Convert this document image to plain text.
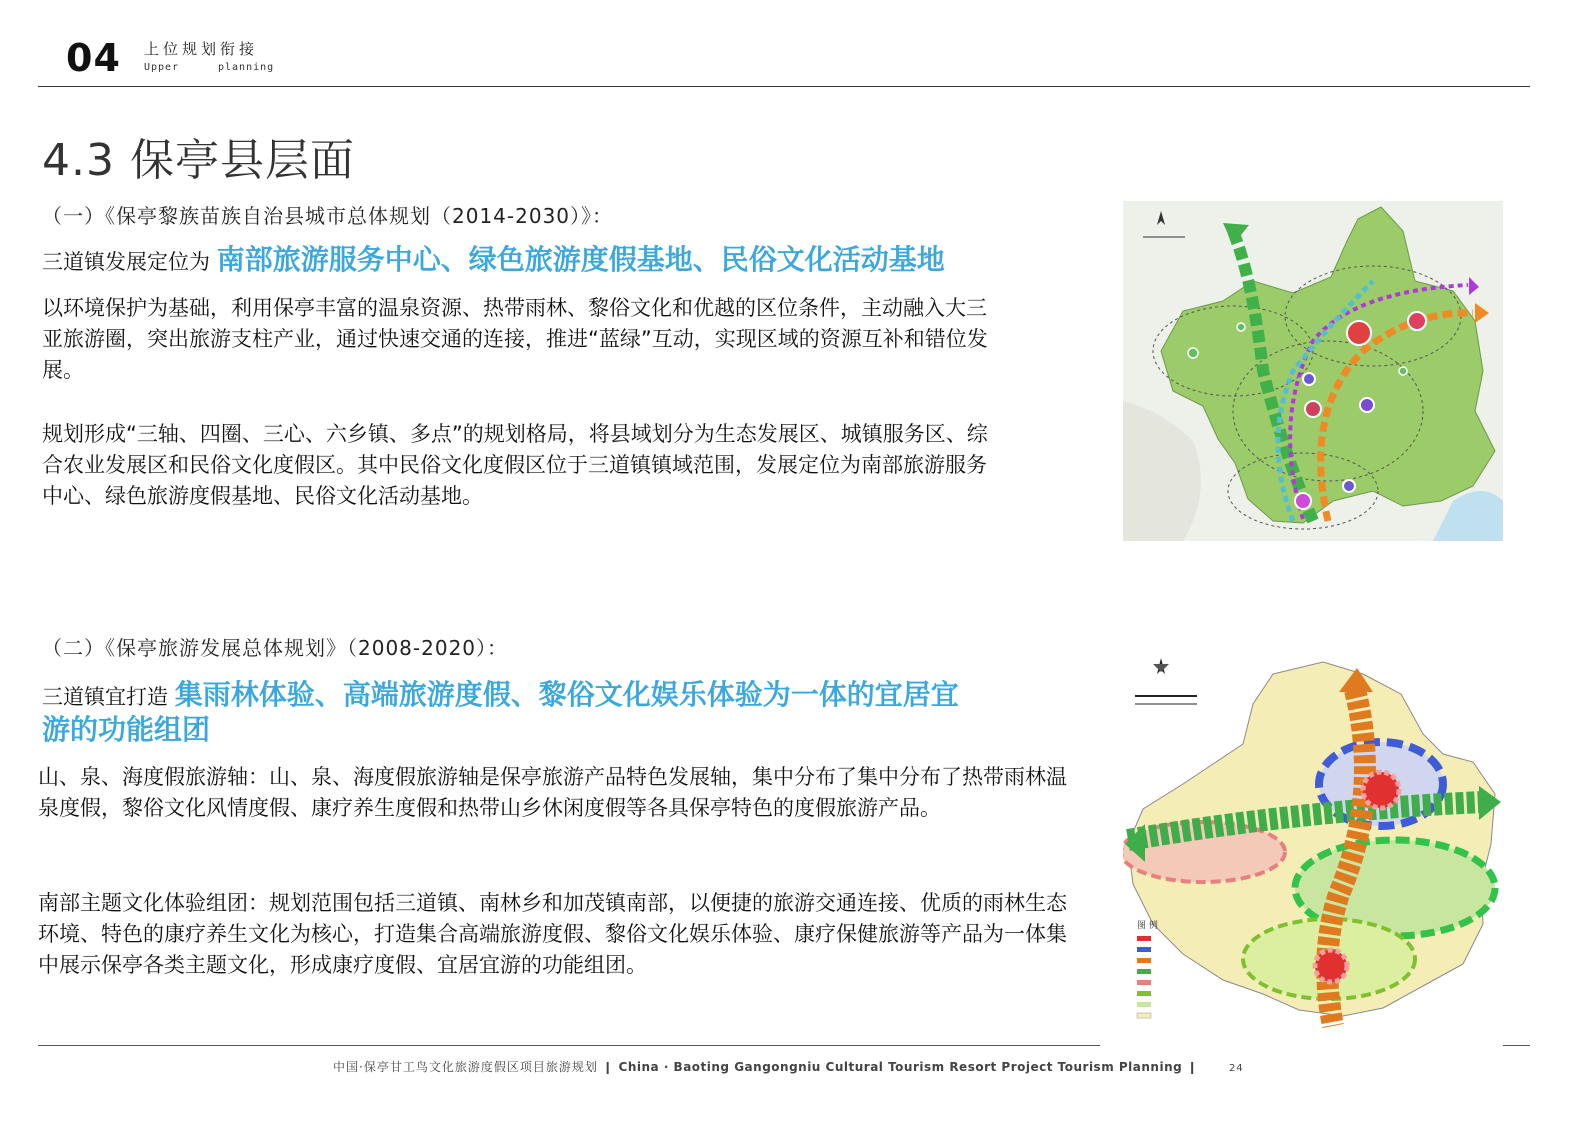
04 上位规划衔接
Upper	planning
4.3 保亭县层面
（一）《保亭黎族苗族自治县城市总体规划（2014-2030）》：
三道镇发展定位为 南部旅游服务中心、绿色旅游度假基地、民俗文化活动基地
以环境保护为基础，利用保亭丰富的温泉资源、热带雨林、黎俗文化和优越的区位条件，主动融入大三亚旅游圈，突出旅游支柱产业，通过快速交通的连接，推进“蓝绿”互动，实现区域的资源互补和错位发展。
规划形成“三轴、四圈、三心、六乡镇、多点”的规划格局，将县域划分为生态发展区、城镇服务区、综合农业发展区和民俗文化度假区。其中民俗文化度假区位于三道镇镇域范围，发展定位为南部旅游服务中心、绿色旅游度假基地、民俗文化活动基地。
（二）《保亭旅游发展总体规划》（2008-2020）：
三道镇宜打造 集雨林体验、高端旅游度假、黎俗文化娱乐体验为一体的宜居宜
游的功能组团
山、泉、海度假旅游轴：山、泉、海度假旅游轴是保亭旅游产品特色发展轴，集中分布了集中分布了热带雨林温泉度假，黎俗文化风情度假、康疗养生度假和热带山乡休闲度假等各具保亭特色的度假旅游产品。
南部主题文化体验组团：规划范围包括三道镇、南林乡和加茂镇南部，以便捷的旅游交通连接、优质的雨林生态环境、特色的康疗养生文化为核心，打造集合高端旅游度假、黎俗文化娱乐体验、康疗保健旅游等产品为一体集中展示保亭各类主题文化，形成康疗度假、宜居宜游的功能组团。
图 例
中国·保亭甘工鸟文化旅游度假区项目旅游规划 ❙ China · Baoting Gangongniu Cultural Tourism Resort Project Tourism Planning ❙	24
